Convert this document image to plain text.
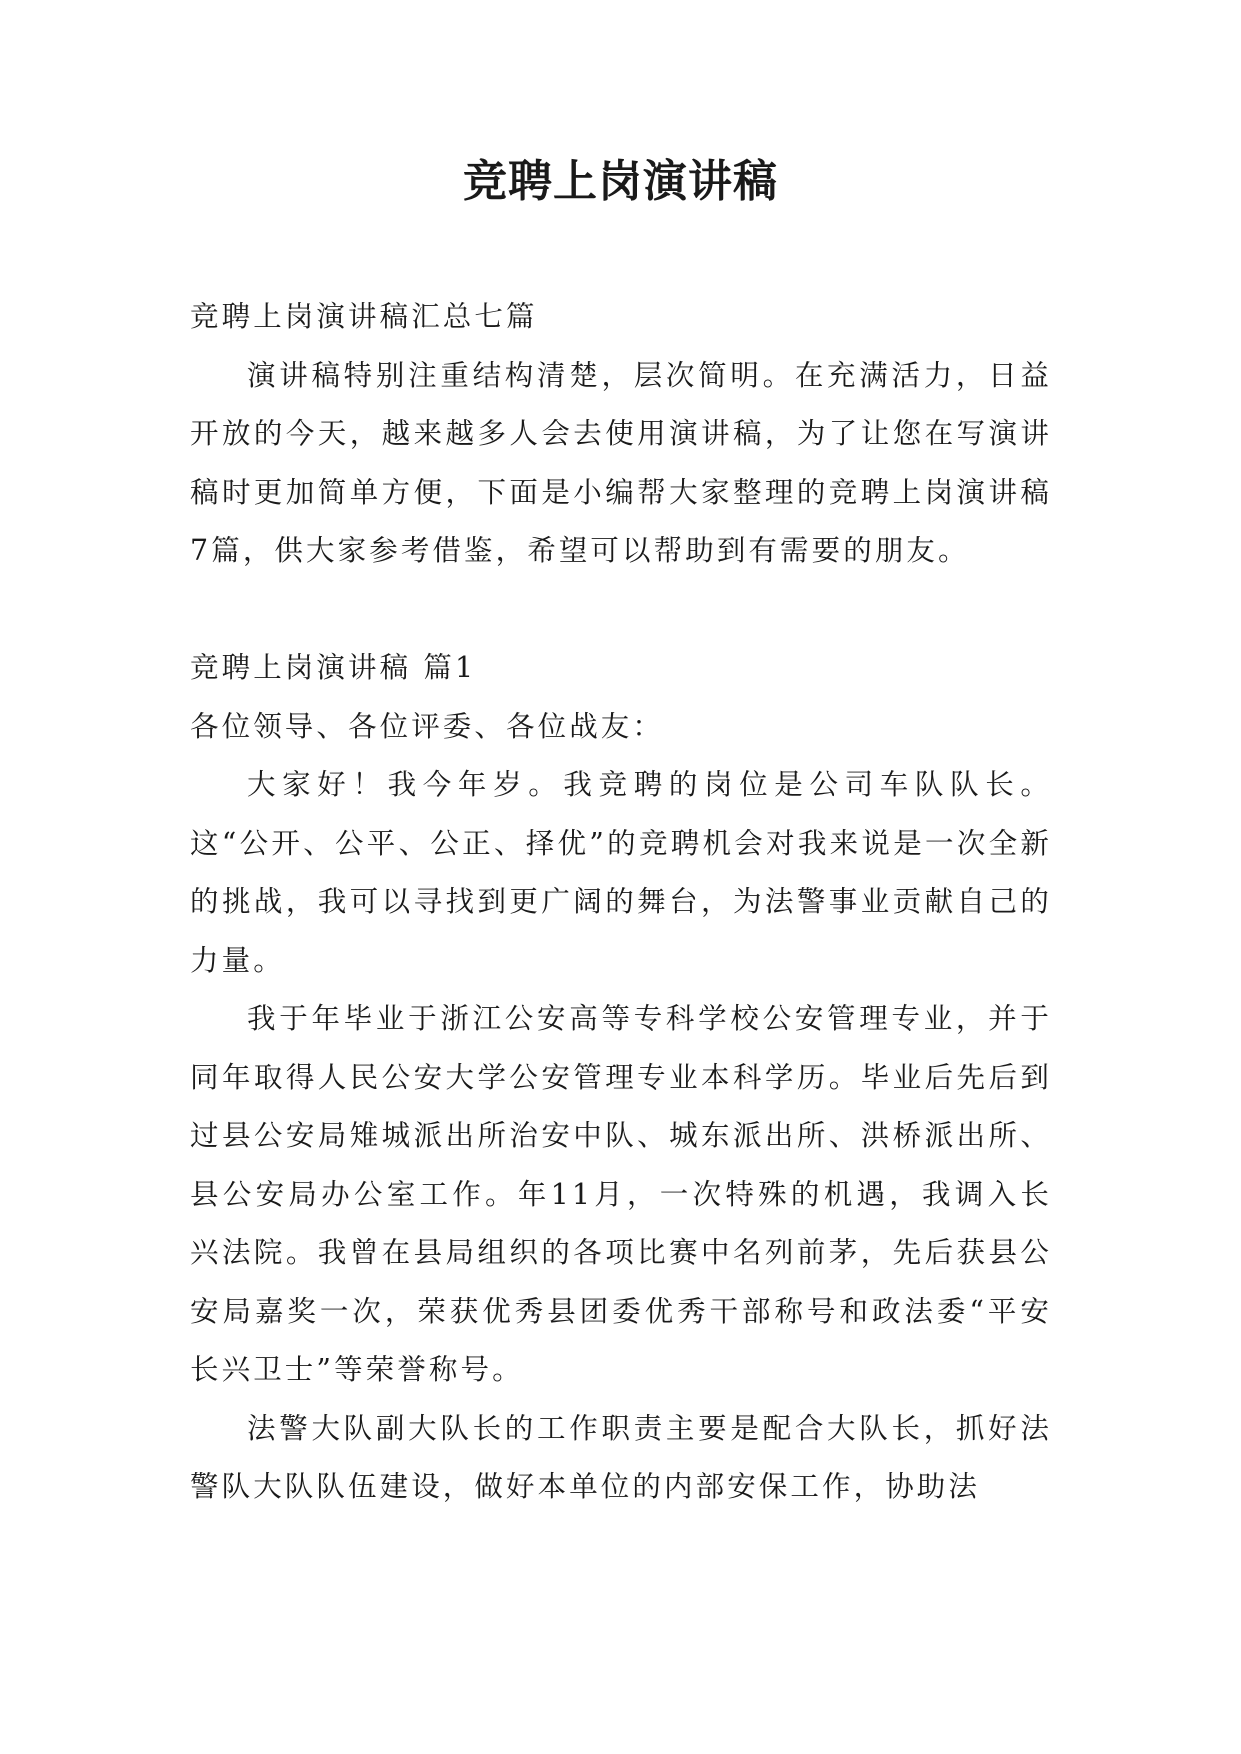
竞聘上岗演讲稿

竞聘上岗演讲稿汇总七篇

演讲稿特别注重结构清楚，层次简明。在充满活力，日益开放的今天，越来越多人会去使用演讲稿，为了让您在写演讲稿时更加简单方便，下面是小编帮大家整理的竞聘上岗演讲稿7篇，供大家参考借鉴，希望可以帮助到有需要的朋友。

竞聘上岗演讲稿 篇1

各位领导、各位评委、各位战友：

大家好！我今年岁。我竞聘的岗位是公司车队队长。这“公开、公平、公正、择优”的竞聘机会对我来说是一次全新的挑战，我可以寻找到更广阔的舞台，为法警事业贡献自己的力量。

我于年毕业于浙江公安高等专科学校公安管理专业，并于同年取得人民公安大学公安管理专业本科学历。毕业后先后到过县公安局雉城派出所治安中队、城东派出所、洪桥派出所、县公安局办公室工作。年11月，一次特殊的机遇，我调入长兴法院。我曾在县局组织的各项比赛中名列前茅，先后获县公安局嘉奖一次，荣获优秀县团委优秀干部称号和政法委“平安长兴卫士”等荣誉称号。

法警大队副大队长的工作职责主要是配合大队长，抓好法警队大队队伍建设，做好本单位的内部安保工作，协助法
